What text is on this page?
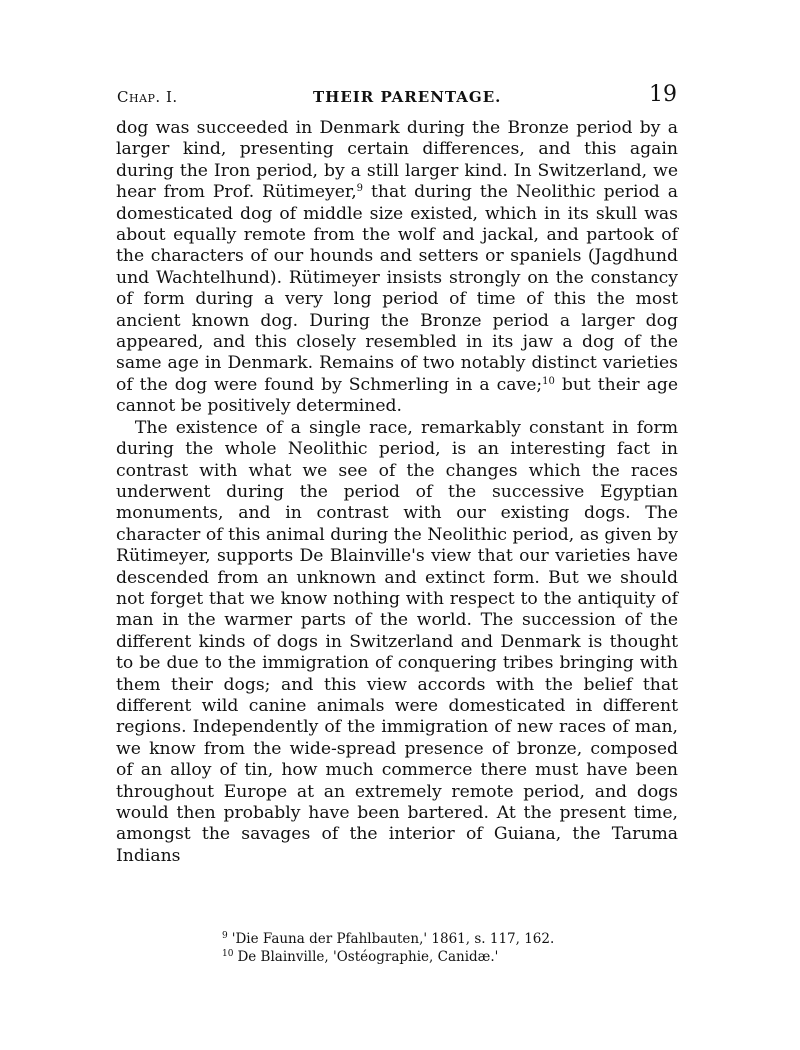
Chap. I.	THEIR PARENTAGE.	19

dog was succeeded in Denmark during the Bronze period by a larger kind, presenting certain differences, and this again during the Iron period, by a still larger kind. In Switzerland, we hear from Prof. Rütimeyer,$^9$ that during the Neolithic period a domesticated dog of middle size existed, which in its skull was about equally remote from the wolf and jackal, and partook of the characters of our hounds and setters or spaniels (Jagdhund und Wachtelhund). Rütimeyer insists strongly on the constancy of form during a very long period of time of this the most ancient known dog. During the Bronze period a larger dog appeared, and this closely resembled in its jaw a dog of the same age in Denmark. Remains of two notably distinct varieties of the dog were found by Schmerling in a cave;$^{10}$ but their age cannot be positively determined.

The existence of a single race, remarkably constant in form during the whole Neolithic period, is an interesting fact in contrast with what we see of the changes which the races underwent during the period of the successive Egyptian monuments, and in contrast with our existing dogs. The character of this animal during the Neolithic period, as given by Rütimeyer, supports De Blainville's view that our varieties have descended from an unknown and extinct form. But we should not forget that we know nothing with respect to the antiquity of man in the warmer parts of the world. The succession of the different kinds of dogs in Switzerland and Denmark is thought to be due to the immigration of conquering tribes bringing with them their dogs; and this view accords with the belief that different wild canine animals were domesticated in different regions. Independently of the immigration of new races of man, we know from the wide-spread presence of bronze, composed of an alloy of tin, how much commerce there must have been throughout Europe at an extremely remote period, and dogs would then probably have been bartered. At the present time, amongst the savages of the interior of Guiana, the Taruma Indians

$^9$ 'Die Fauna der Pfahlbauten,' 1861, s. 117, 162.
$^{10}$ De Blainville, 'Ostéographie, Canidæ.'
